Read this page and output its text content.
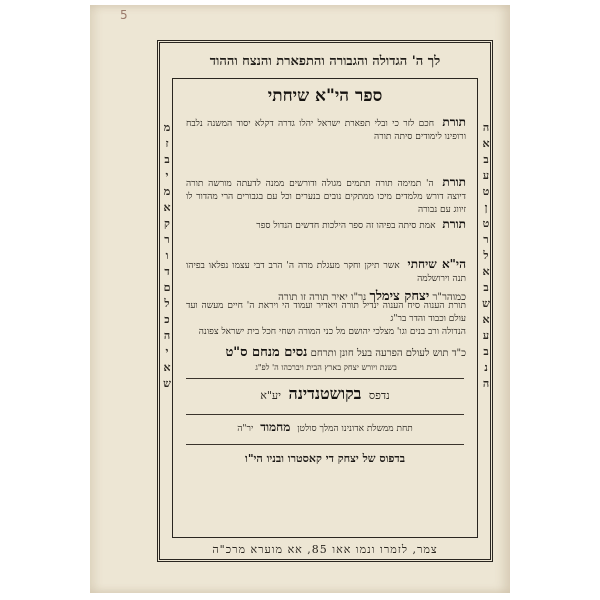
5
לך ה' הגדולה והגבורה והתפארת והנצח וההוד
ה
א
ב
ע
ט
ן
ט
ר
ל
א
ב
ש
א
ע
ב
נ
ה
מ
ז
ב
י
מ
א
ק
ר
ו
ד
ם
ל
כ
ה
י
א
ש
ספר הי"א שיחתי
תורת חכם לזר כי ובלי תפארת ישראל יהלו גדרה דקלא יסוד המשנה נלבח ורופינו לימודים סיתה תורה
תורת ה' תמימה תורה תתמים מגולה ודורשים ממנה לדעתה מורשה תורה דיוצה דורש מלמדים מיכו ממתקים נובים בנערים וכל עם בגבורים הרי מהדור לו זיווג עם נבורה
תורת אמת סיתה בפיהו זה ספר הילכות חדשים הנדול ספר
הי"א שיחתי אשר תיקן וחקר מעגלת מרה ה' הרב דבי עצמו נפלאו בפיהו תנה וירושלמה
כמוהר"ר יצחק צימלך נר"ו יאיר תורה זו תורה
תורת הענוה סיח הענוה ינדיל תורה ויאדיר ועמוד הי ויראת ה' חיים מעשה ועד עולם וכבוד והדר בר"ג
הנדולה ורב בנים וגו' מצלכי יהושם מל כני המורה ושחי חכל בית ישראל צפונה
כ"ד תוש לעולם הפרעה בעל חונן ותרחם נסים מנחם ס"ט
בשנת ויורש יצחק בארץ הבית ויברכהו ה' לפ"ג
נדפס בקושטנדינה יע"א
תחת ממשלת אדונינו המלך סולטן מחמוד יר"ה
בדפוס של יצחק די קאסטרו ובניו הי"ו
צמר, לזמרו ונמו אאו 85, אא מוערא מרכ"ה
